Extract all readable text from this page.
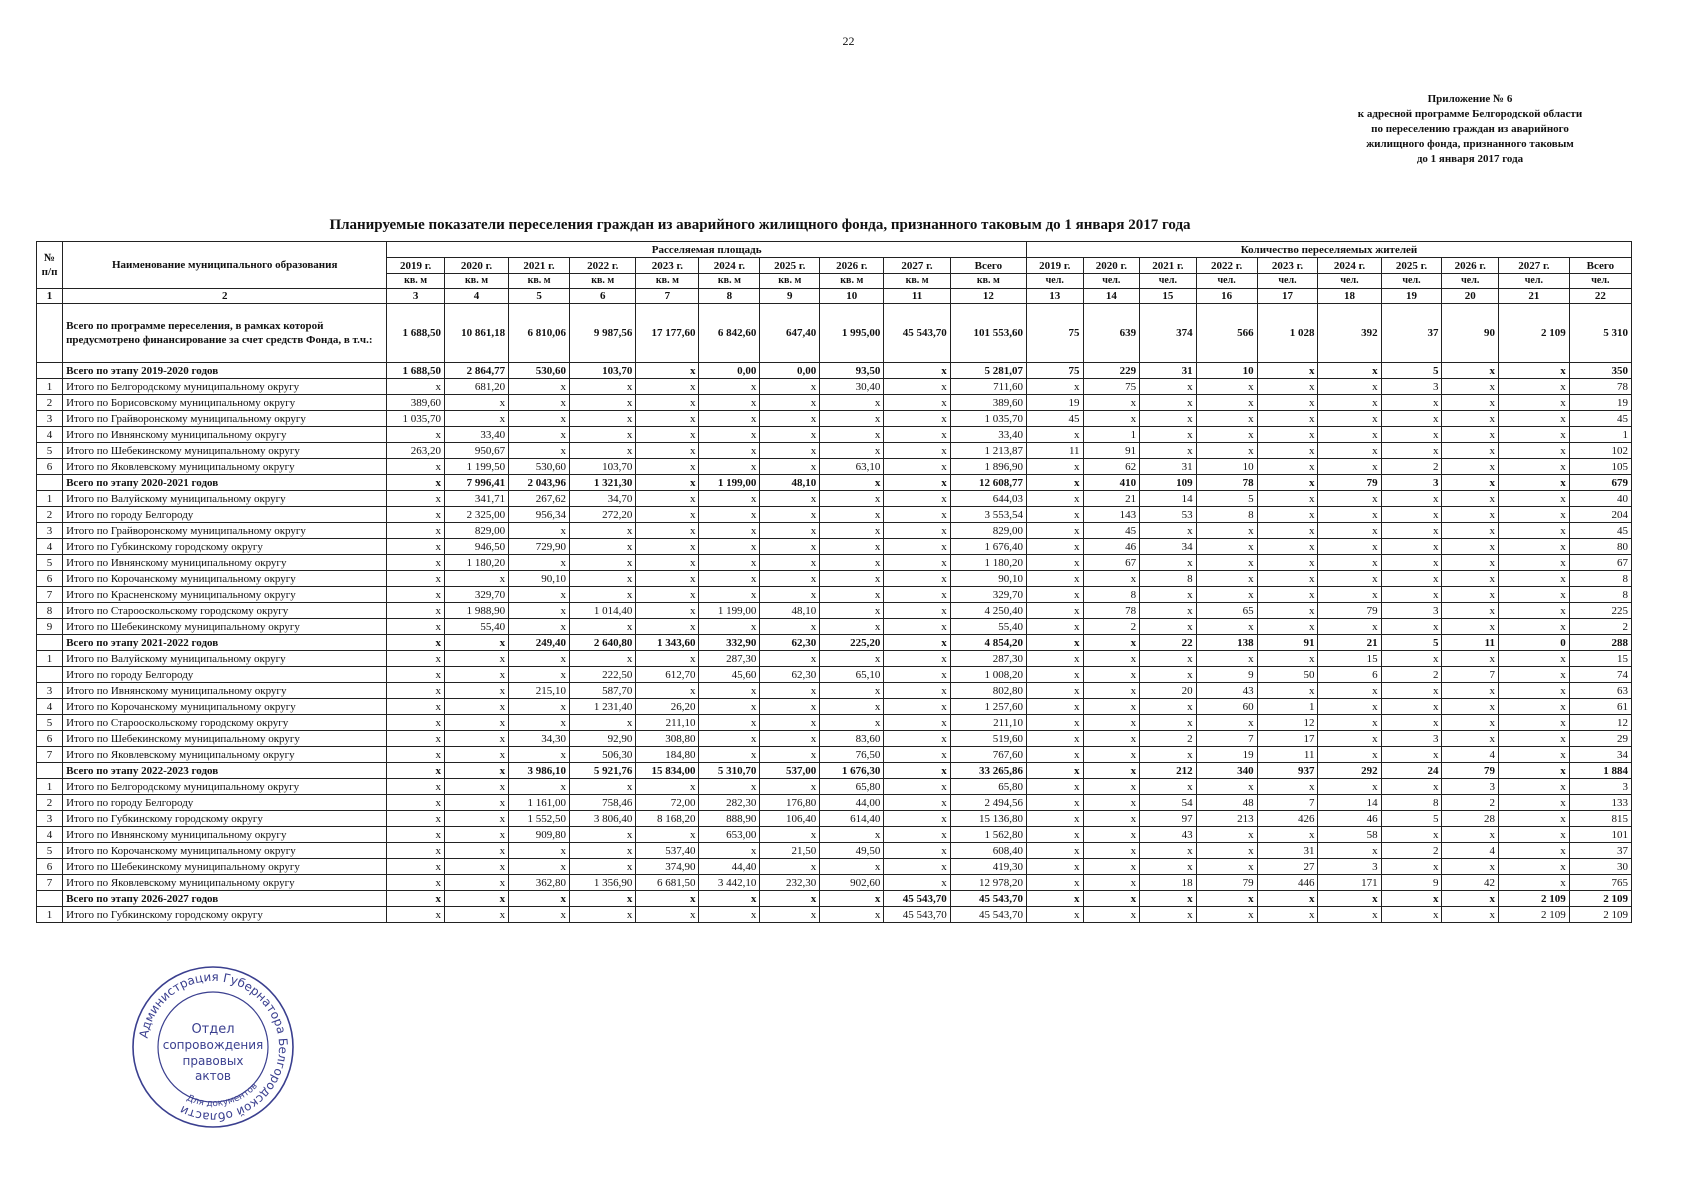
22
Приложение № 6
к адресной программе Белгородской области
по переселению граждан из аварийного
жилищного фонда, признанного таковым
до 1 января 2017 года
Планируемые показатели переселения граждан из аварийного жилищного фонда, признанного таковым до 1 января 2017 года
№ п/п	Наименование муниципального образования	Расселяемая площадь										Количество переселяемых жителей									
		2019 г.	2020 г.	2021 г.	2022 г.	2023 г.	2024 г.	2025 г.	2026 г.	2027 г.	Всего	2019 г.	2020 г.	2021 г.	2022 г.	2023 г.	2024 г.	2025 г.	2026 г.	2027 г.	Всего
		кв. м	кв. м	кв. м	кв. м	кв. м	кв. м	кв. м	кв. м	кв. м	кв. м	чел.	чел.	чел.	чел.	чел.	чел.	чел.	чел.	чел.	чел.
1	2	3	4	5	6	7	8	9	10	11	12	13	14	15	16	17	18	19	20	21	22
	Всего по программе переселения, в рамках которой предусмотрено финансирование за счет средств Фонда, в т.ч.:	1 688,50	10 861,18	6 810,06	9 987,56	17 177,60	6 842,60	647,40	1 995,00	45 543,70	101 553,60	75	639	374	566	1 028	392	37	90	2 109	5 310
	Всего по этапу 2019-2020 годов	1 688,50	2 864,77	530,60	103,70	x	0,00	0,00	93,50	x	5 281,07	75	229	31	10	x	x	5	x	x	350
1	Итого по Белгородскому муниципальному округу	x	681,20	x	x	x	x	x	30,40	x	711,60	x	75	x	x	x	x	3	x	x	78
2	Итого по Борисовскому муниципальному округу	389,60	x	x	x	x	x	x	x	x	389,60	19	x	x	x	x	x	x	x	x	19
3	Итого по Грайворонскому муниципальному округу	1 035,70	x	x	x	x	x	x	x	x	1 035,70	45	x	x	x	x	x	x	x	x	45
4	Итого по Ивнянскому муниципальному округу	x	33,40	x	x	x	x	x	x	x	33,40	x	1	x	x	x	x	x	x	x	1
5	Итого по Шебекинскому муниципальному округу	263,20	950,67	x	x	x	x	x	x	x	1 213,87	11	91	x	x	x	x	x	x	x	102
6	Итого по Яковлевскому муниципальному округу	x	1 199,50	530,60	103,70	x	x	x	63,10	x	1 896,90	x	62	31	10	x	x	2	x	x	105
	Всего по этапу 2020-2021 годов	x	7 996,41	2 043,96	1 321,30	x	1 199,00	48,10	x	x	12 608,77	x	410	109	78	x	79	3	x	x	679
1	Итого по Валуйскому муниципальному округу	x	341,71	267,62	34,70	x	x	x	x	x	644,03	x	21	14	5	x	x	x	x	x	40
2	Итого по городу Белгороду	x	2 325,00	956,34	272,20	x	x	x	x	x	3 553,54	x	143	53	8	x	x	x	x	x	204
3	Итого по Грайворонскому муниципальному округу	x	829,00	x	x	x	x	x	x	x	829,00	x	45	x	x	x	x	x	x	x	45
4	Итого по Губкинскому городскому округу	x	946,50	729,90	x	x	x	x	x	x	1 676,40	x	46	34	x	x	x	x	x	x	80
5	Итого по Ивнянскому муниципальному округу	x	1 180,20	x	x	x	x	x	x	x	1 180,20	x	67	x	x	x	x	x	x	x	67
6	Итого по Корочанскому муниципальному округу	x	x	90,10	x	x	x	x	x	x	90,10	x	x	8	x	x	x	x	x	x	8
7	Итого по Красненскому муниципальному округу	x	329,70	x	x	x	x	x	x	x	329,70	x	8	x	x	x	x	x	x	x	8
8	Итого по Старооскольскому городскому округу	x	1 988,90	x	1 014,40	x	1 199,00	48,10	x	x	4 250,40	x	78	x	65	x	79	3	x	x	225
9	Итого по Шебекинскому муниципальному округу	x	55,40	x	x	x	x	x	x	x	55,40	x	2	x	x	x	x	x	x	x	2
	Всего по этапу 2021-2022 годов	x	x	249,40	2 640,80	1 343,60	332,90	62,30	225,20	x	4 854,20	x	x	22	138	91	21	5	11	0	288
1	Итого по Валуйскому муниципальному округу	x	x	x	x	x	287,30	x	x	x	287,30	x	x	x	x	x	15	x	x	x	15
	Итого по городу Белгороду	x	x	x	222,50	612,70	45,60	62,30	65,10	x	1 008,20	x	x	x	9	50	6	2	7	x	74
3	Итого по Ивнянскому муниципальному округу	x	x	215,10	587,70	x	x	x	x	x	802,80	x	x	20	43	x	x	x	x	x	63
4	Итого по Корочанскому муниципальному округу	x	x	x	1 231,40	26,20	x	x	x	x	1 257,60	x	x	x	60	1	x	x	x	x	61
5	Итого по Старооскольскому городскому округу	x	x	x	x	211,10	x	x	x	x	211,10	x	x	x	x	12	x	x	x	x	12
6	Итого по Шебекинскому муниципальному округу	x	x	34,30	92,90	308,80	x	x	83,60	x	519,60	x	x	2	7	17	x	3	x	x	29
7	Итого по Яковлевскому муниципальному округу	x	x	x	506,30	184,80	x	x	76,50	x	767,60	x	x	x	19	11	x	x	4	x	34
	Всего по этапу 2022-2023 годов	x	x	3 986,10	5 921,76	15 834,00	5 310,70	537,00	1 676,30	x	33 265,86	x	x	212	340	937	292	24	79	x	1 884
1	Итого по Белгородскому муниципальному округу	x	x	x	x	x	x	x	65,80	x	65,80	x	x	x	x	x	x	x	3	x	3
2	Итого по городу Белгороду	x	x	1 161,00	758,46	72,00	282,30	176,80	44,00	x	2 494,56	x	x	54	48	7	14	8	2	x	133
3	Итого по Губкинскому городскому округу	x	x	1 552,50	3 806,40	8 168,20	888,90	106,40	614,40	x	15 136,80	x	x	97	213	426	46	5	28	x	815
4	Итого по Ивнянскому муниципальному округу	x	x	909,80	x	x	653,00	x	x	x	1 562,80	x	x	43	x	x	58	x	x	x	101
5	Итого по Корочанскому муниципальному округу	x	x	x	x	537,40	x	21,50	49,50	x	608,40	x	x	x	x	31	x	2	4	x	37
6	Итого по Шебекинскому муниципальному округу	x	x	x	x	374,90	44,40	x	x	x	419,30	x	x	x	x	27	3	x	x	x	30
7	Итого по Яковлевскому муниципальному округу	x	x	362,80	1 356,90	6 681,50	3 442,10	232,30	902,60	x	12 978,20	x	x	18	79	446	171	9	42	x	765
	Всего по этапу 2026-2027 годов	x	x	x	x	x	x	x	x	45 543,70	45 543,70	x	x	x	x	x	x	x	x	2 109	2 109
1	Итого по Губкинскому городскому округу	x	x	x	x	x	x	x	x	45 543,70	45 543,70	x	x	x	x	x	x	x	x	2 109	2 109
Администрация Губернатора Белгородской области
Отдел
сопровождения
правовых
актов
Для документов
